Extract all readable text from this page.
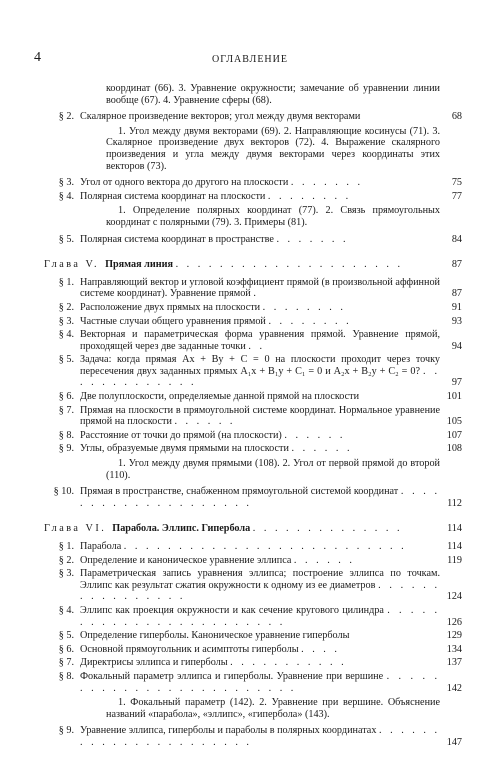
4	ОГЛАВЛЕНИЕ
координат (66). 3. Уравнение окружности; замечание об уравнении линии вообще (67). 4. Уравнение сферы (68).
§ 2. Скалярное произведение векторов; угол между двумя векторами	68
1. Угол между двумя векторами (69). 2. Направляющие косинусы (71). 3. Скалярное произведение двух векторов (72). 4. Выражение скалярного произведения и угла между двумя векторами через координаты этих векторов (73).
§ 3. Угол от одного вектора до другого на плоскости . . . . . . .	75
§ 4. Полярная система координат на плоскости . . . . . . . .	77
1. Определение полярных координат (77). 2. Связь прямоугольных координат с полярными (79). 3. Примеры (81).
§ 5. Полярная система координат в пространстве . . . . . . .	84
Глава V. Прямая линия . . . . . . . . . . . . . . . . . . . . .	87
§ 1. Направляющий вектор и угловой коэффициент прямой (в произвольной аффинной системе координат). Уравнение прямой .	87
§ 2. Расположение двух прямых на плоскости . . . . . . . .	91
§ 3. Частные случаи общего уравнения прямой . . . . . . . .	93
§ 4. Векторная и параметрическая форма уравнения прямой. Уравнение прямой, проходящей через две заданные точки . .	94
§ 5. Задача: когда прямая Ax + By + C = 0 на плоскости проходит через точку пересечения двух заданных прямых A₁x + B₁y + C₁ = 0 и A₂x + B₂y + C₂ = 0? . . . . . . . . . . . . .	97
§ 6. Две полуплоскости, определяемые данной прямой на плоскости	101
§ 7. Прямая на плоскости в прямоугольной системе координат. Нормальное уравнение прямой на плоскости . . . . . .	105
§ 8. Расстояние от точки до прямой (на плоскости) . . . . . .	107
§ 9. Углы, образуемые двумя прямыми на плоскости . . . . . .	108
1. Угол между двумя прямыми (108). 2. Угол от первой прямой до второй (110).
§ 10. Прямая в пространстве, снабженном прямоугольной системой координат . . . . . . . . . . . . . . . . . . . .	112
Глава VI. Парабола. Эллипс. Гипербола . . . . . . . . . . . . . .	114
§ 1. Парабола . . . . . . . . . . . . . . . . . . . . . . . . . .	114
§ 2. Определение и каноническое уравнение эллипса . . . . . .	119
§ 3. Параметрическая запись уравнения эллипса; построение эллипса по точкам. Эллипс как результат сжатия окружности к одному из ее диаметров . . . . . . . . . . . . . . . .	124
§ 4. Эллипс как проекция окружности и как сечение кругового цилиндра . . . . . . . . . . . . . . . . . . . . . . . .	126
§ 5. Определение гиперболы. Каноническое уравнение гиперболы	129
§ 6. Основной прямоугольник и асимптоты гиперболы . . . .	134
§ 7. Директрисы эллипса и гиперболы . . . . . . . . . . .	137
§ 8. Фокальный параметр эллипса и гиперболы. Уравнение при вершине . . . . . . . . . . . . . . . . . . . . . . . . .	142
1. Фокальный параметр (142). 2. Уравнение при вершине. Объяснение названий «парабола», «эллипс», «гипербола» (143).
§ 9. Уравнение эллипса, гиперболы и параболы в полярных координатах . . . . . . . . . . . . . . . . . . . . . .	147
